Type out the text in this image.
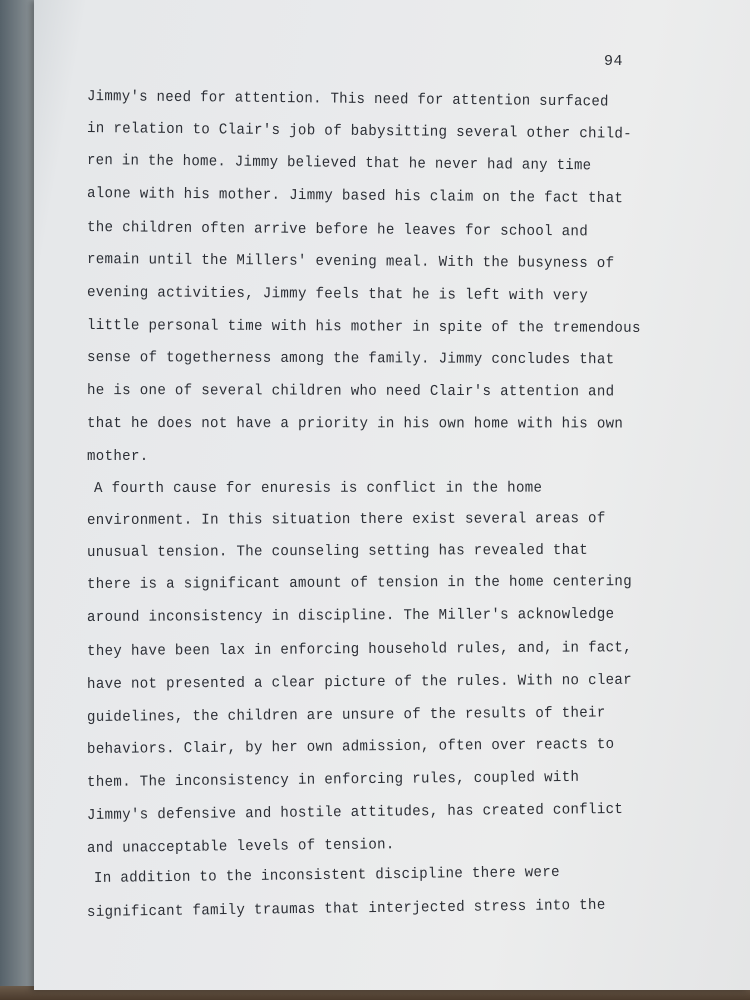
94
Jimmy's need for attention. This need for attention surfaced
in relation to Clair's job of babysitting several other child-
ren in the home. Jimmy believed that he never had any time
alone with his mother. Jimmy based his claim on the fact that
the children often arrive before he leaves for school and
remain until the Millers' evening meal. With the busyness of
evening activities, Jimmy feels that he is left with very
little personal time with his mother in spite of the tremendous
sense of togetherness among the family. Jimmy concludes that
he is one of several children who need Clair's attention and
that he does not have a priority in his own home with his own
mother.
A fourth cause for enuresis is conflict in the home
environment. In this situation there exist several areas of
unusual tension. The counseling setting has revealed that
there is a significant amount of tension in the home centering
around inconsistency in discipline. The Miller's acknowledge
they have been lax in enforcing household rules, and, in fact,
have not presented a clear picture of the rules. With no clear
guidelines, the children are unsure of the results of their
behaviors. Clair, by her own admission, often over reacts to
them. The inconsistency in enforcing rules, coupled with
Jimmy's defensive and hostile attitudes, has created conflict
and unacceptable levels of tension.
In addition to the inconsistent discipline there were
significant family traumas that interjected stress into the
